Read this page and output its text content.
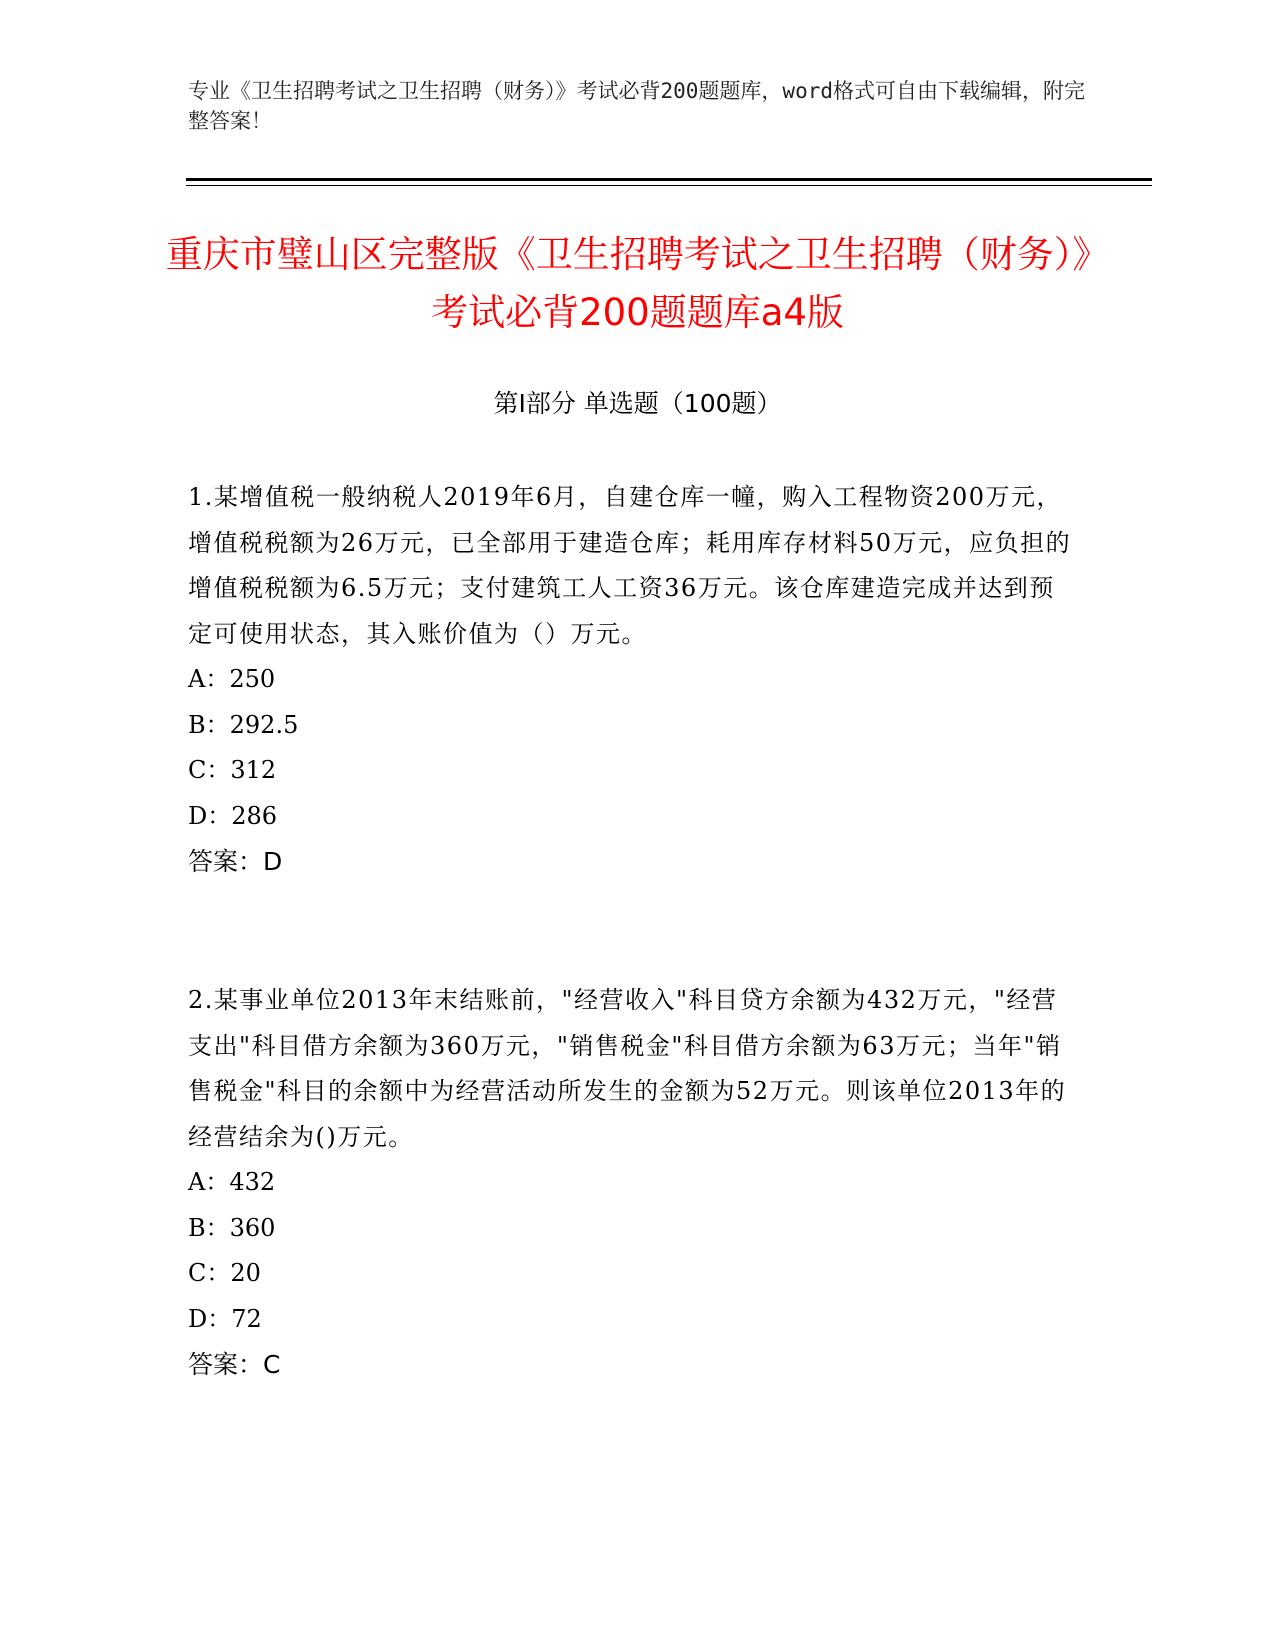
专业《卫生招聘考试之卫生招聘（财务）》考试必背200题题库，word格式可自由下载编辑，附完整答案！

重庆市璧山区完整版《卫生招聘考试之卫生招聘（财务）》考试必背200题题库a4版
第Ⅰ部分 单选题（100题）

1.某增值税一般纳税人2019年6月，自建仓库一幢，购入工程物资200万元，增值税税额为26万元，已全部用于建造仓库；耗用库存材料50万元，应负担的增值税税额为6.5万元；支付建筑工人工资36万元。该仓库建造完成并达到预定可使用状态，其入账价值为（）万元。

A：250
B：292.5
C：312
D：286

答案：D

2.某事业单位2013年末结账前，"经营收入"科目贷方余额为432万元，"经营支出"科目借方余额为360万元，"销售税金"科目借方余额为63万元；当年"销售税金"科目的余额中为经营活动所发生的金额为52万元。则该单位2013年的经营结余为()万元。

A：432
B：360
C：20
D：72

答案：C
